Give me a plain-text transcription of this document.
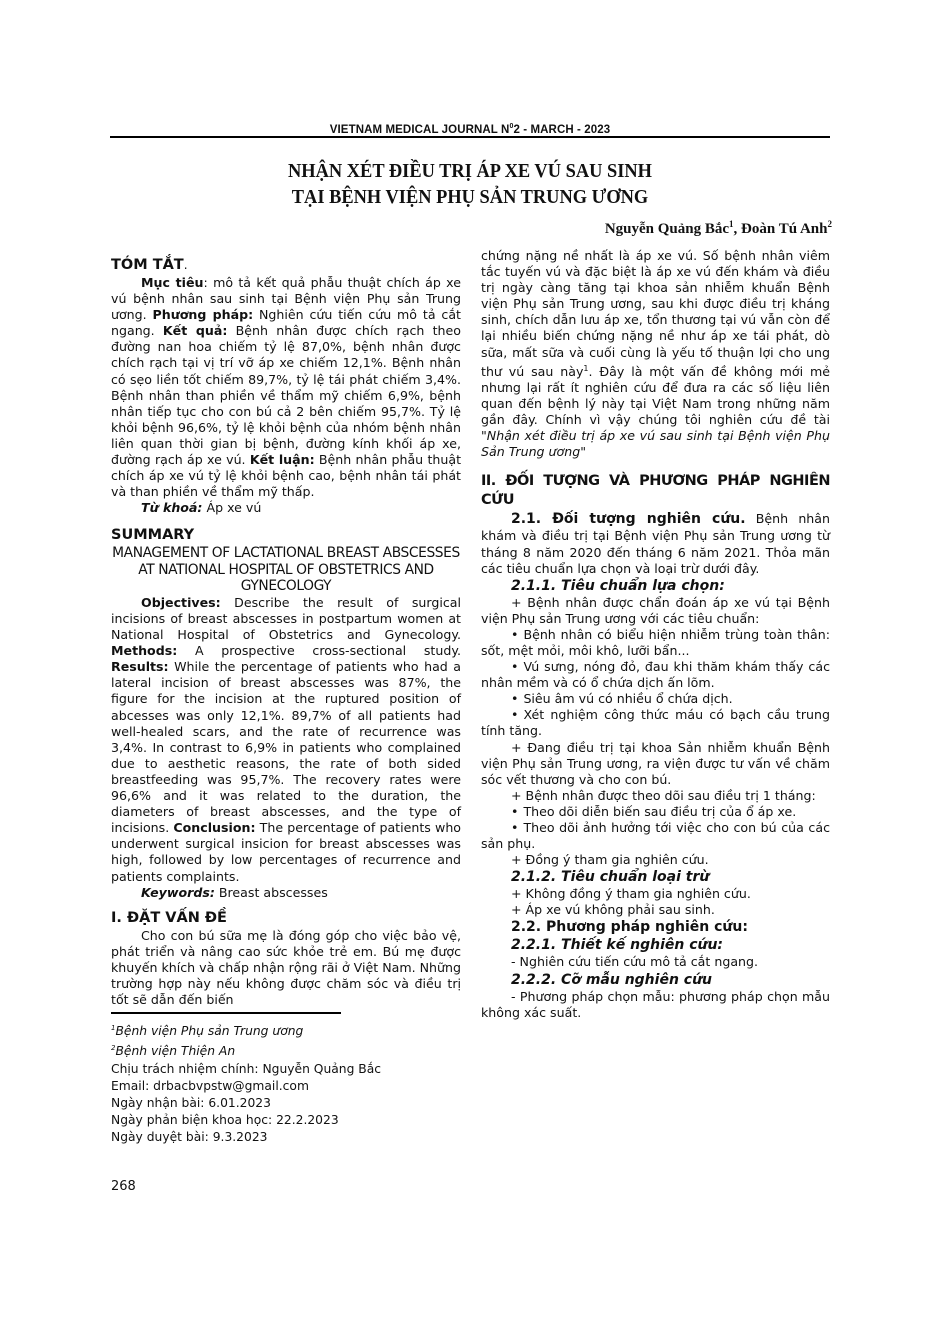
VIETNAM MEDICAL JOURNAL $N^02$ - MARCH - 2023
NHẬN XÉT ĐIỀU TRỊ ÁP XE VÚ SAU SINH
TẠI BỆNH VIỆN PHỤ SẢN TRUNG ƯƠNG
Nguyễn Quảng Bắc$^1$, Đoàn Tú Anh$^2$

TÓM TẮT.

Mục tiêu: mô tả kết quả phẫu thuật chích áp xe vú bệnh nhân sau sinh tại Bệnh viện Phụ sản Trung ương. Phương pháp: Nghiên cứu tiến cứu mô tả cắt ngang. Kết quả: Bệnh nhân được chích rạch theo đường nan hoa chiếm tỷ lệ 87,0%, bệnh nhân được chích rạch tại vị trí vỡ áp xe chiếm 12,1%. Bệnh nhân có sẹo liền tốt chiếm 89,7%, tỷ lệ tái phát chiếm 3,4%. Bệnh nhân than phiền về thẩm mỹ chiếm 6,9%, bệnh nhân tiếp tục cho con bú cả 2 bên chiếm 95,7%. Tỷ lệ khỏi bệnh 96,6%, tỷ lệ khỏi bệnh của nhóm bệnh nhân liên quan thời gian bị bệnh, đường kính khối áp xe, đường rạch áp xe vú. Kết luận: Bệnh nhân phẫu thuật chích áp xe vú tỷ lệ khỏi bệnh cao, bệnh nhân tái phát và than phiền về thẩm mỹ thấp.

Từ khoá: Áp xe vú

SUMMARY

MANAGEMENT OF LACTATIONAL BREAST ABSCESSES AT NATIONAL HOSPITAL OF OBSTETRICS AND GYNECOLOGY

Objectives: Describe the result of surgical incisions of breast abscesses in postpartum women at National Hospital of Obstetrics and Gynecology. Methods: A prospective cross-sectional study. Results: While the percentage of patients who had a lateral incision of breast abscesses was 87%, the figure for the incision at the ruptured position of abcesses was only 12,1%. 89,7% of all patients had well-healed scars, and the rate of recurrence was 3,4%. In contrast to 6,9% in patients who complained due to aesthetic reasons, the rate of both sided breastfeeding was 95,7%. The recovery rates were 96,6% and it was related to the duration, the diameters of breast abscesses, and the type of incisions. Conclusion: The percentage of patients who underwent surgical insicion for breast abscesses was high, followed by low percentages of recurrence and patients complaints.

Keywords: Breast abscesses

I. ĐẶT VẤN ĐỀ

Cho con bú sữa mẹ là đóng góp cho việc bảo vệ, phát triển và nâng cao sức khỏe trẻ em. Bú mẹ được khuyến khích và chấp nhận rộng rãi ở Việt Nam. Những trường hợp này nếu không được chăm sóc và điều trị tốt sẽ dẫn đến biến

$^1$Bệnh viện Phụ sản Trung ương

$^2$Bệnh viện Thiện An

Chịu trách nhiệm chính: Nguyễn Quảng Bắc

Email: drbacbvpstw@gmail.com

Ngày nhận bài: 6.01.2023

Ngày phản biện khoa học: 22.2.2023

Ngày duyệt bài: 9.3.2023

268

chứng nặng nề nhất là áp xe vú. Số bệnh nhân viêm tắc tuyến vú và đặc biệt là áp xe vú đến khám và điều trị ngày càng tăng tại khoa sản nhiễm khuẩn Bệnh viện Phụ sản Trung ương, sau khi được điều trị kháng sinh, chích dẫn lưu áp xe, tổn thương tại vú vẫn còn để lại nhiều biến chứng nặng nề như áp xe tái phát, dò sữa, mất sữa và cuối cùng là yếu tố thuận lợi cho ung thư vú sau này$^1$. Đây là một vấn đề không mới mẻ nhưng lại rất ít nghiên cứu để đưa ra các số liệu liên quan đến bệnh lý này tại Việt Nam trong những năm gần đây. Chính vì vậy chúng tôi nghiên cứu đề tài "Nhận xét điều trị áp xe vú sau sinh tại Bệnh viện Phụ Sản Trung ương"

II. ĐỐI TƯỢNG VÀ PHƯƠNG PHÁP NGHIÊN CỨU

2.1. Đối tượng nghiên cứu. Bệnh nhân khám và điều trị tại Bệnh viện Phụ sản Trung ương từ tháng 8 năm 2020 đến tháng 6 năm 2021. Thỏa mãn các tiêu chuẩn lựa chọn và loại trừ dưới đây.

2.1.1. Tiêu chuẩn lựa chọn:

+ Bệnh nhân được chẩn đoán áp xe vú tại Bệnh viện Phụ sản Trung ương với các tiêu chuẩn:

• Bệnh nhân có biểu hiện nhiễm trùng toàn thân: sốt, mệt mỏi, môi khô, lưỡi bẩn...

• Vú sưng, nóng đỏ, đau khi thăm khám thấy các nhân mềm và có ổ chứa dịch ấn lõm.

• Siêu âm vú có nhiều ổ chứa dịch.

• Xét nghiệm công thức máu có bạch cầu trung tính tăng.

+ Đang điều trị tại khoa Sản nhiễm khuẩn Bệnh viện Phụ sản Trung ương, ra viện được tư vấn về chăm sóc vết thương và cho con bú.

+ Bệnh nhân được theo dõi sau điều trị 1 tháng:

• Theo dõi diễn biến sau điều trị của ổ áp xe.

• Theo dõi ảnh hưởng tới việc cho con bú của các sản phụ.

+ Đồng ý tham gia nghiên cứu.

2.1.2. Tiêu chuẩn loại trừ

+ Không đồng ý tham gia nghiên cứu.

+ Áp xe vú không phải sau sinh.

2.2. Phương pháp nghiên cứu:

2.2.1. Thiết kế nghiên cứu:

- Nghiên cứu tiến cứu mô tả cắt ngang.

2.2.2. Cỡ mẫu nghiên cứu

- Phương pháp chọn mẫu: phương pháp chọn mẫu không xác suất.
